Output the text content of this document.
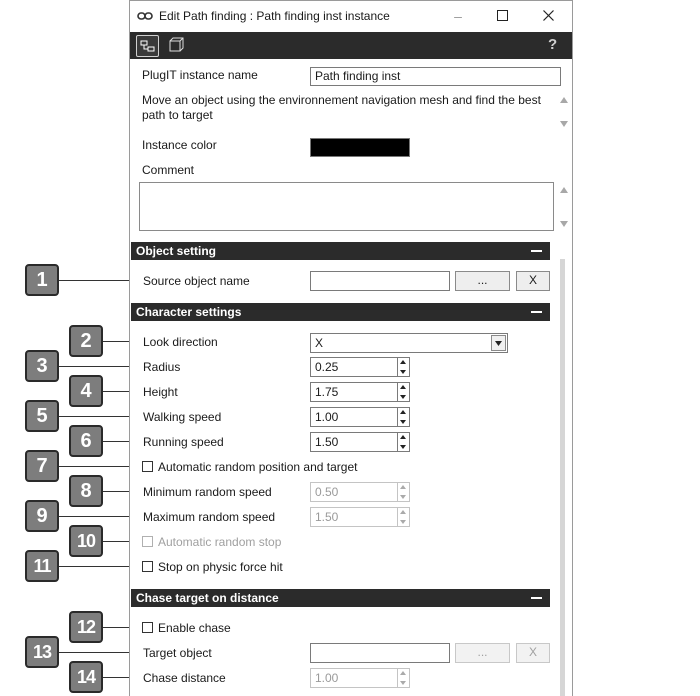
1
2
3
4
5
6
7
8
9
10
11
12
13
14
Edit Path finding : Path finding inst instance	–
?
PlugIT instance name	Path finding inst
Move an object using the environnement navigation mesh and find the best path to target
Instance color
Comment
Object setting
Source object name	...	X
Character settings
Look direction	X
Radius	0.25
Height	1.75
Walking speed	1.00
Running speed	1.50
Automatic random position and target
Minimum random speed	0.50
Maximum random speed	1.50
Automatic random stop
Stop on physic force hit
Chase target on distance
Enable chase
Target object	...	X
Chase distance	1.00
